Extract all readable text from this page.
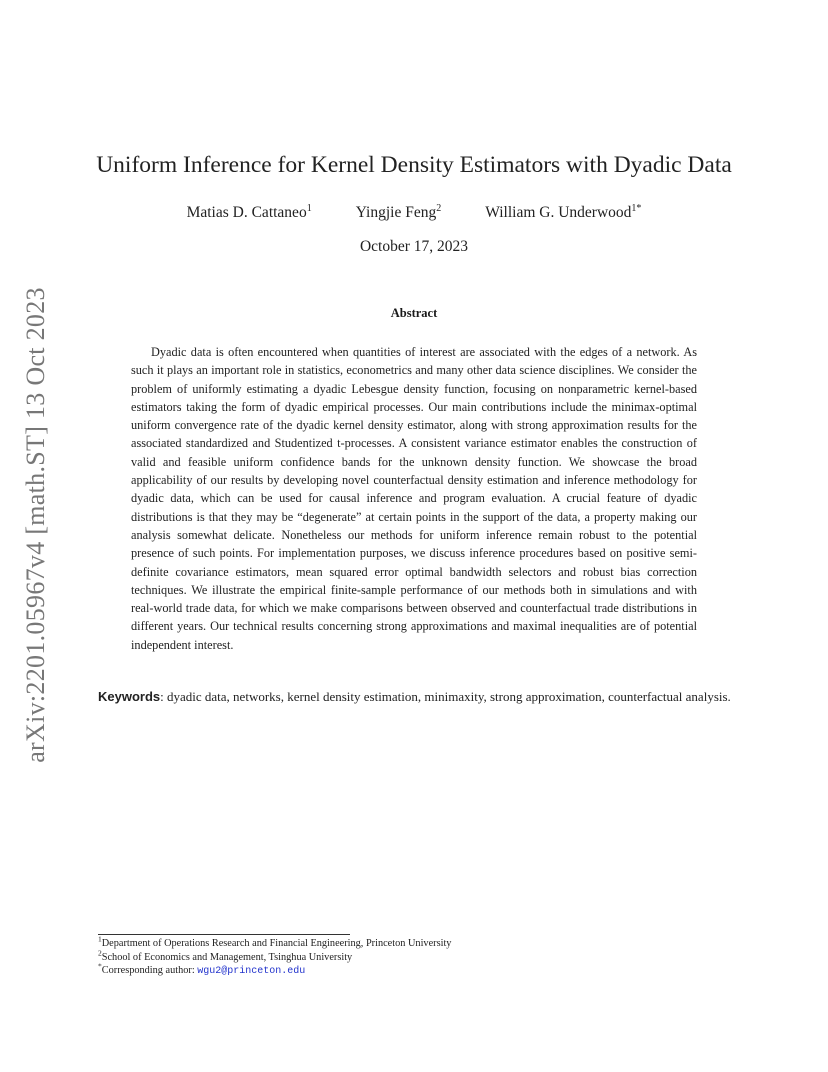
arXiv:2201.05967v4 [math.ST] 13 Oct 2023
Uniform Inference for Kernel Density Estimators with Dyadic Data
Matias D. Cattaneo$^1$	Yingjie Feng$^2$	William G. Underwood$^{1*}$
October 17, 2023
Abstract

Dyadic data is often encountered when quantities of interest are associated with the edges of a network. As such it plays an important role in statistics, econometrics and many other data science disciplines. We consider the problem of uniformly estimating a dyadic Lebesgue density function, focusing on nonparametric kernel-based estimators taking the form of dyadic empirical processes. Our main contributions include the minimax-optimal uniform convergence rate of the dyadic kernel density estimator, along with strong approximation results for the associated standardized and Studentized t-processes. A consistent variance estimator enables the construction of valid and feasible uniform confidence bands for the unknown density function. We showcase the broad applicability of our results by developing novel counterfactual density estimation and inference methodology for dyadic data, which can be used for causal inference and program evaluation. A crucial feature of dyadic distributions is that they may be “degenerate” at certain points in the support of the data, a property making our analysis somewhat delicate. Nonetheless our methods for uniform inference remain robust to the potential presence of such points. For implementation purposes, we discuss inference procedures based on positive semi-definite covariance estimators, mean squared error optimal bandwidth selectors and robust bias correction techniques. We illustrate the empirical finite-sample performance of our methods both in simulations and with real-world trade data, for which we make comparisons between observed and counterfactual trade distributions in different years. Our technical results concerning strong approximations and maximal inequalities are of potential independent interest.

Keywords: dyadic data, networks, kernel density estimation, minimaxity, strong approximation, counterfactual analysis.

$^1$Department of Operations Research and Financial Engineering, Princeton University
$^2$School of Economics and Management, Tsinghua University
*Corresponding author: wgu2@princeton.edu
